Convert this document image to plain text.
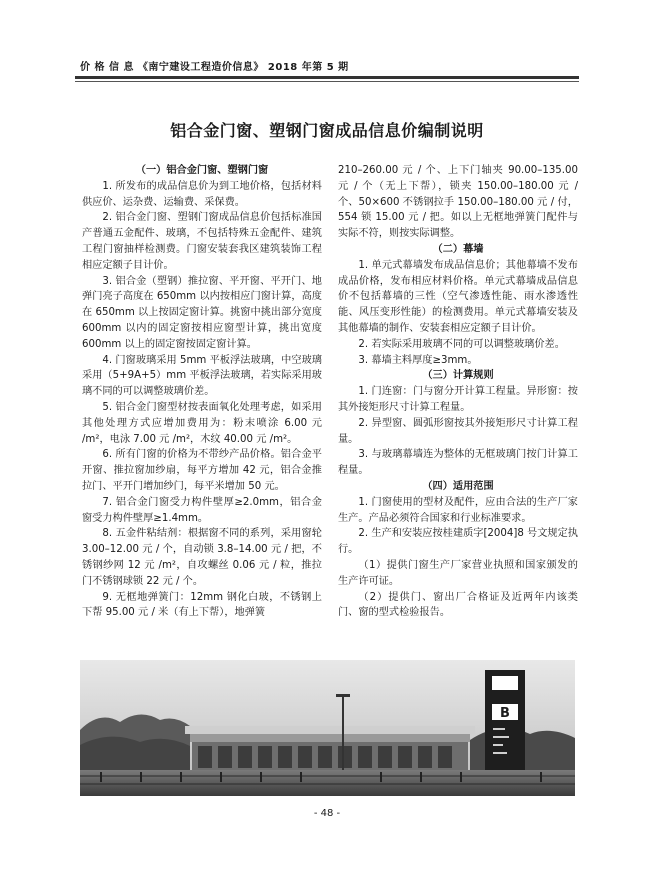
价 格 信 息 《南宁建设工程造价信息》 2018 年第 5 期
铝合金门窗、塑钢门窗成品信息价编制说明

（一）铝合金门窗、塑钢门窗

1. 所发布的成品信息价为到工地价格，包括材料供应价、运杂费、运输费、采保费。

2. 铝合金门窗、塑钢门窗成品信息价包括标准国产普通五金配件、玻璃，不包括特殊五金配件、建筑工程门窗抽样检测费。门窗安装套我区建筑装饰工程相应定额子目计价。

3. 铝合金（塑钢）推拉窗、平开窗、平开门、地弹门亮子高度在 650mm 以内按相应门窗计算，高度在 650mm 以上按固定窗计算。挑窗中挑出部分宽度 600mm 以内的固定窗按相应窗型计算，挑出宽度 600mm 以上的固定窗按固定窗计算。

4. 门窗玻璃采用 5mm 平板浮法玻璃，中空玻璃采用（5+9A+5）mm 平板浮法玻璃，若实际采用玻璃不同的可以调整玻璃价差。

5. 铝合金门窗型材按表面氧化处理考虑，如采用其他处理方式应增加费用为：粉末喷涂 6.00 元 /m²，电泳 7.00 元 /m²，木纹 40.00 元 /m²。

6. 所有门窗的价格为不带纱产品价格。铝合金平开窗、推拉窗加纱扇，每平方增加 42 元，铝合金推拉门、平开门增加纱门，每平米增加 50 元。

7. 铝合金门窗受力构件壁厚≥2.0mm，铝合金窗受力构件壁厚≥1.4mm。

8. 五金件粘结剂：根据窗不同的系列，采用窗轮 3.00–12.00 元 / 个，自动锁 3.8–14.00 元 / 把，不锈钢纱网 12 元 /m²，自攻螺丝 0.06 元 / 粒，推拉门不锈钢球锁 22 元 / 个。

9. 无框地弹簧门：12mm 钢化白玻，不锈钢上下帮 95.00 元 / 米（有上下帮），地弹簧

210–260.00 元 / 个、上下门轴夹 90.00–135.00 元 / 个（无上下帮），锁夹 150.00–180.00 元 / 个、50×600 不锈钢拉手 150.00–180.00 元 / 付，554 锁 15.00 元 / 把。如以上无框地弹簧门配件与实际不符，则按实际调整。

（二）幕墙

1. 单元式幕墙发布成品信息价；其他幕墙不发布成品价格，发布相应材料价格。单元式幕墙成品信息价不包括幕墙的三性（空气渗透性能、雨水渗透性能、风压变形性能）的检测费用。单元式幕墙安装及其他幕墙的制作、安装套相应定额子目计价。

2. 若实际采用玻璃不同的可以调整玻璃价差。

3. 幕墙主料厚度≥3mm。

（三）计算规则

1. 门连窗：门与窗分开计算工程量。异形窗：按其外接矩形尺寸计算工程量。

2. 异型窗、圆弧形窗按其外接矩形尺寸计算工程量。

3. 与玻璃幕墙连为整体的无框玻璃门按门计算工程量。

（四）适用范围

1. 门窗使用的型材及配件，应由合法的生产厂家生产。产品必须符合国家和行业标准要求。

2. 生产和安装应按桂建质字[2004]8 号文规定执行。

（1）提供门窗生产厂家营业执照和国家颁发的生产许可证。

（2）提供门、窗出厂合格证及近两年内该类门、窗的型式检验报告。

B
- 48 -
